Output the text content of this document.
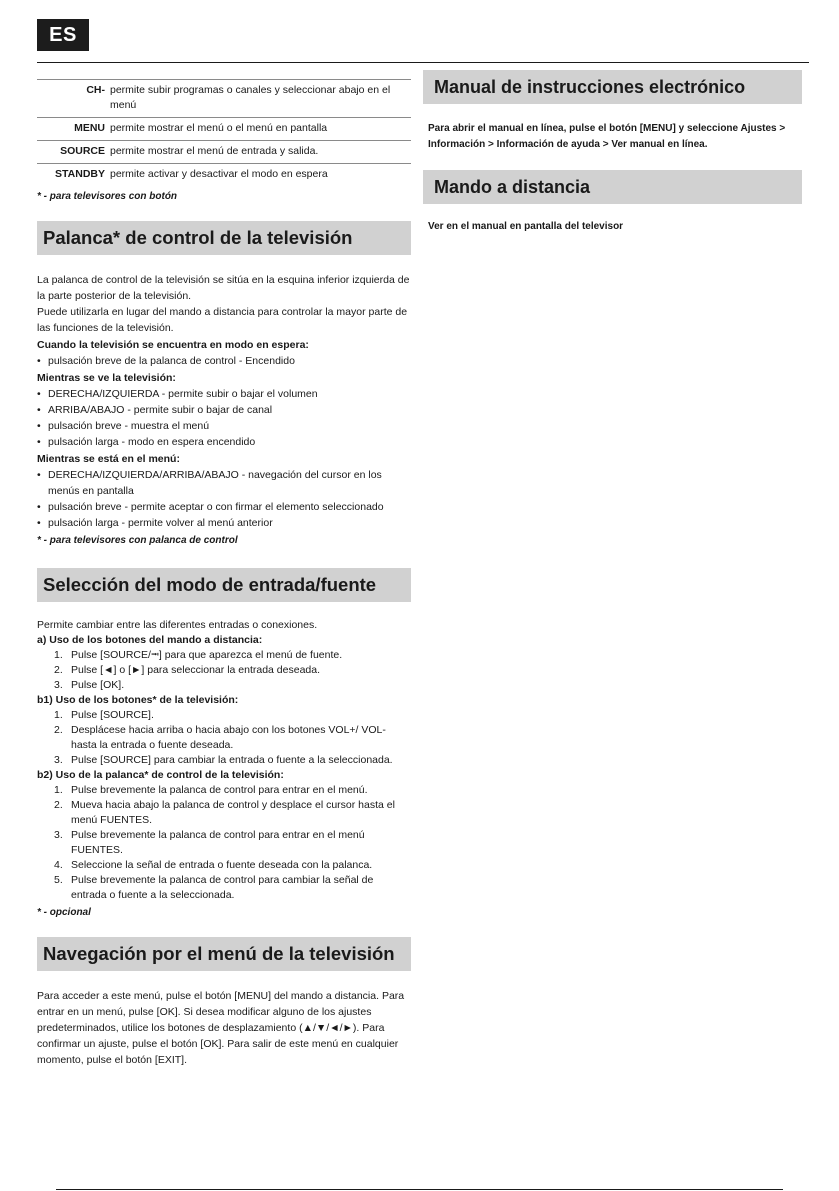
ES
CH-	permite subir programas o canales y seleccionar abajo en el menú
MENU	permite mostrar el menú o el menú en pantalla
SOURCE	permite mostrar el menú de entrada y salida.
STANDBY	permite activar y desactivar el modo en espera
* - para televisores con botón
Palanca* de control de la televisión
La palanca de control de la televisión se sitúa en la esquina inferior izquierda de la parte posterior de la televisión.
Puede utilizarla en lugar del mando a distancia para controlar la mayor parte de las funciones de la televisión.
Cuando la televisión se encuentra en modo en espera:
• pulsación breve de la palanca de control - Encendido
Mientras se ve la televisión:
• DERECHA/IZQUIERDA - permite subir o bajar el volumen
• ARRIBA/ABAJO - permite subir o bajar de canal
• pulsación breve - muestra el menú
• pulsación larga - modo en espera encendido
Mientras se está en el menú:
• DERECHA/IZQUIERDA/ARRIBA/ABAJO - navegación del cursor en los menús en pantalla
• pulsación breve - permite aceptar o con firmar el elemento seleccionado
• pulsación larga - permite volver al menú anterior
* - para televisores con palanca de control
Selección del modo de entrada/fuente
Permite cambiar entre las diferentes entradas o conexiones.
a) Uso de los botones del mando a distancia:
1. Pulse [SOURCE/⭲] para que aparezca el menú de fuente.
2. Pulse [◄] o [►] para seleccionar la entrada deseada.
3. Pulse [OK].
b1) Uso de los botones* de la televisión:
1. Pulse [SOURCE].
2. Desplácese hacia arriba o hacia abajo con los botones VOL+/ VOL- hasta la entrada o fuente deseada.
3. Pulse [SOURCE] para cambiar la entrada o fuente a la seleccionada.
b2) Uso de la palanca* de control de la televisión:
1. Pulse brevemente la palanca de control para entrar en el menú.
2. Mueva hacia abajo la palanca de control y desplace el cursor hasta el menú FUENTES.
3. Pulse brevemente la palanca de control para entrar en el menú FUENTES.
4. Seleccione la señal de entrada o fuente deseada con la palanca.
5. Pulse brevemente la palanca de control para cambiar la señal de entrada o fuente a la seleccionada.
* - opcional
Navegación por el menú de la televisión
Para acceder a este menú, pulse el botón [MENU] del mando a distancia. Para entrar en un menú, pulse [OK]. Si desea modificar alguno de los ajustes predeterminados, utilice los botones de desplazamiento (▲/▼/◄/►). Para confirmar un ajuste, pulse el botón [OK]. Para salir de este menú en cualquier momento, pulse el botón [EXIT].
Manual de instrucciones electrónico
Para abrir el manual en línea, pulse el botón [MENU] y seleccione Ajustes > Información > Información de ayuda > Ver manual en línea.
Mando a distancia
Ver en el manual en pantalla del televisor
